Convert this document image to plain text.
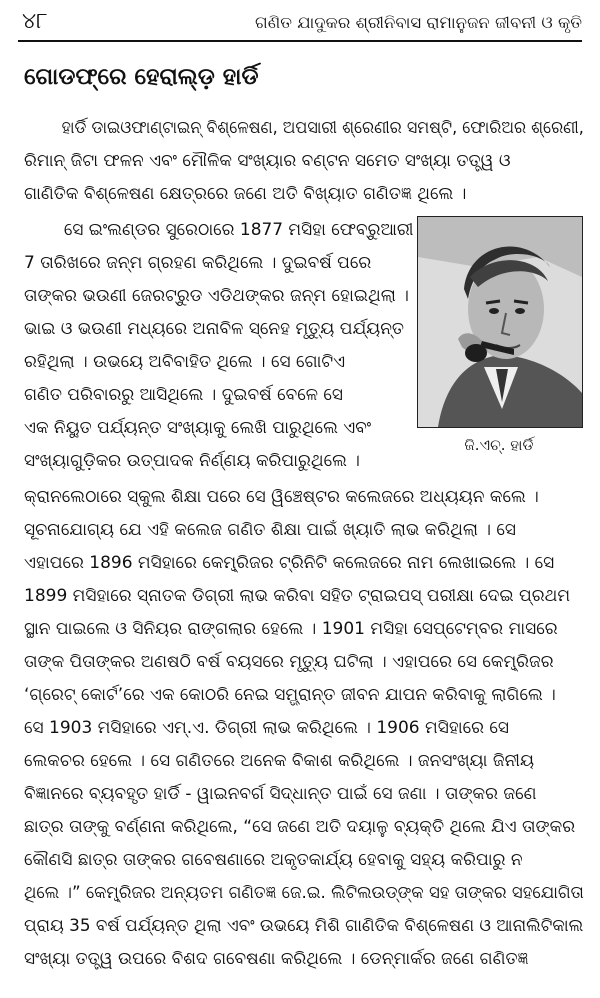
୪୮	ଗଣିତ ଯାଦୁକର ଶ୍ରୀନିବାସ ରାମାନୁଜନ ଜୀବନୀ ଓ କୃତି
ଗୋଡଫ୍ରେ ହେରାଲ୍ଡ଼ ହାର୍ଡି

ହାର୍ଡି ଡାଇଓଫାଣ୍ଟାଇନ୍ ବିଶ୍ଳେଷଣ, ଅପସାରୀ ଶ୍ରେଣୀର ସମଷ୍ଟି, ଫୋରିଅର ଶ୍ରେଣୀ,

ରିମାନ୍ ଜିଟା ଫଳନ ଏବଂ ମୌଳିକ ସଂଖ୍ୟାର ବଣ୍ଟନ ସମେତ ସଂଖ୍ୟା ତତ୍ତ୍ୱ ଓ

ଗାଣିତିକ ବିଶ୍ଳେଷଣ କ୍ଷେତ୍ରରେ ଜଣେ ଅତି ବିଖ୍ୟାତ ଗଣିତଜ୍ଞ ଥିଲେ ।

ସେ ଇଂଲଣ୍ଡର ସୁରେଠାରେ 1877 ମସିହା ଫେବ୍ରୁଆରୀ

7 ତାରିଖରେ ଜନ୍ମ ଗ୍ରହଣ କରିଥିଲେ । ଦୁଇବର୍ଷ ପରେ

ତାଙ୍କର ଭଉଣୀ ଜେରଟ୍ରୁଡ ଏଡିଥଙ୍କର ଜନ୍ମ ହୋଇଥିଲା ।

ଭାଇ ଓ ଭଉଣୀ ମଧ୍ୟରେ ଅନାବିଳ ସ୍ନେହ ମୃତ୍ୟୁ ପର୍ଯ୍ୟନ୍ତ

ରହିଥିଲା । ଉଭୟେ ଅବିବାହିତ ଥିଲେ । ସେ ଗୋଟିଏ

ଗଣିତ ପରିବାରରୁ ଆସିଥିଲେ । ଦୁଇବର୍ଷ ବେଳେ ସେ

ଏକ ନିୟୁତ ପର୍ଯ୍ୟନ୍ତ ସଂଖ୍ୟାକୁ ଲେଖି ପାରୁଥିଲେ ଏବଂ

ସଂଖ୍ୟାଗୁଡ଼ିକର ଉତ୍ପାଦକ ନିର୍ଣ୍ଣୟ କରିପାରୁଥିଲେ ।

ଜି.ଏଚ୍. ହାର୍ଡି

କ୍ରାନଲେଠାରେ ସ୍କୁଲ ଶିକ୍ଷା ପରେ ସେ ୱିଞ୍ଚେଷ୍ଟର କଲେଜରେ ଅଧ୍ୟୟନ କଲେ ।

ସୂଚନାଯୋଗ୍ୟ ଯେ ଏହି କଲେଜ ଗଣିତ ଶିକ୍ଷା ପାଇଁ ଖ୍ୟାତି ଲାଭ କରିଥିଲା । ସେ

ଏହାପରେ 1896 ମସିହାରେ କେମ୍ବ୍ରିଜର ଟ୍ରିନିଟି କଲେଜରେ ନାମ ଲେଖାଇଲେ । ସେ

1899 ମସିହାରେ ସ୍ନାତକ ଡିଗ୍ରୀ ଲାଭ କରିବା ସହିତ ଟ୍ରାଇପସ୍ ପରୀକ୍ଷା ଦେଇ ପ୍ରଥମ

ସ୍ଥାନ ପାଇଲେ ଓ ସିନିୟର ରାଙ୍ଗଲାର ହେଲେ । 1901 ମସିହା ସେପ୍ଟେମ୍ବର ମାସରେ

ତାଙ୍କ ପିତାଙ୍କର ଅଣଷଠି ବର୍ଷ ବୟସରେ ମୃତ୍ୟୁ ଘଟିଲା । ଏହାପରେ ସେ କେମ୍ବ୍ରିଜର

‘ଗ୍ରେଟ୍ କୋର୍ଟ’ରେ ଏକ କୋଠରି ନେଇ ସମ୍ଭ୍ରାନ୍ତ ଜୀବନ ଯାପନ କରିବାକୁ ଲାଗିଲେ ।

ସେ 1903 ମସିହାରେ ଏମ୍.ଏ. ଡିଗ୍ରୀ ଲାଭ କରିଥିଲେ । 1906 ମସିହାରେ ସେ

ଲେକଚର ହେଲେ । ସେ ଗଣିତରେ ଅନେକ ବିକାଶ କରିଥିଲେ । ଜନସଂଖ୍ୟା ଜିନୀୟ

ବିଜ୍ଞାନରେ ବ୍ୟବହୃତ ହାର୍ଡି - ୱାଇନବର୍ଗ ସିଦ୍ଧାନ୍ତ ପାଇଁ ସେ ଜଣା । ତାଙ୍କର ଜଣେ

ଛାତ୍ର ତାଙ୍କୁ ବର୍ଣ୍ଣନା କରିଥିଲେ, “ସେ ଜଣେ ଅତି ଦୟାଳୁ ବ୍ୟକ୍ତି ଥିଲେ ଯିଏ ତାଙ୍କର

କୌଣସି ଛାତ୍ର ତାଙ୍କର ଗବେଷଣାରେ ଅକୃତକାର୍ଯ୍ୟ ହେବାକୁ ସହ୍ୟ କରିପାରୁ ନ

ଥିଲେ ।” କେମ୍ବ୍ରିଜର ଅନ୍ୟତମ ଗଣିତଜ୍ଞ ଜେ.ଇ. ଲିଟିଲଉଡ୍‌ଙ୍କ ସହ ତାଙ୍କର ସହଯୋଗିତା

ପ୍ରାୟ 35 ବର୍ଷ ପର୍ଯ୍ୟନ୍ତ ଥିଲା ଏବଂ ଉଭୟେ ମିଶି ଗାଣିତିକ ବିଶ୍ଳେଷଣ ଓ ଆନାଲିଟିକାଲ

ସଂଖ୍ୟା ତତ୍ତ୍ୱ ଉପରେ ବିଶଦ ଗବେଷଣା କରିଥିଲେ । ଡେନ୍‌ମାର୍କର ଜଣେ ଗଣିତଜ୍ଞ
